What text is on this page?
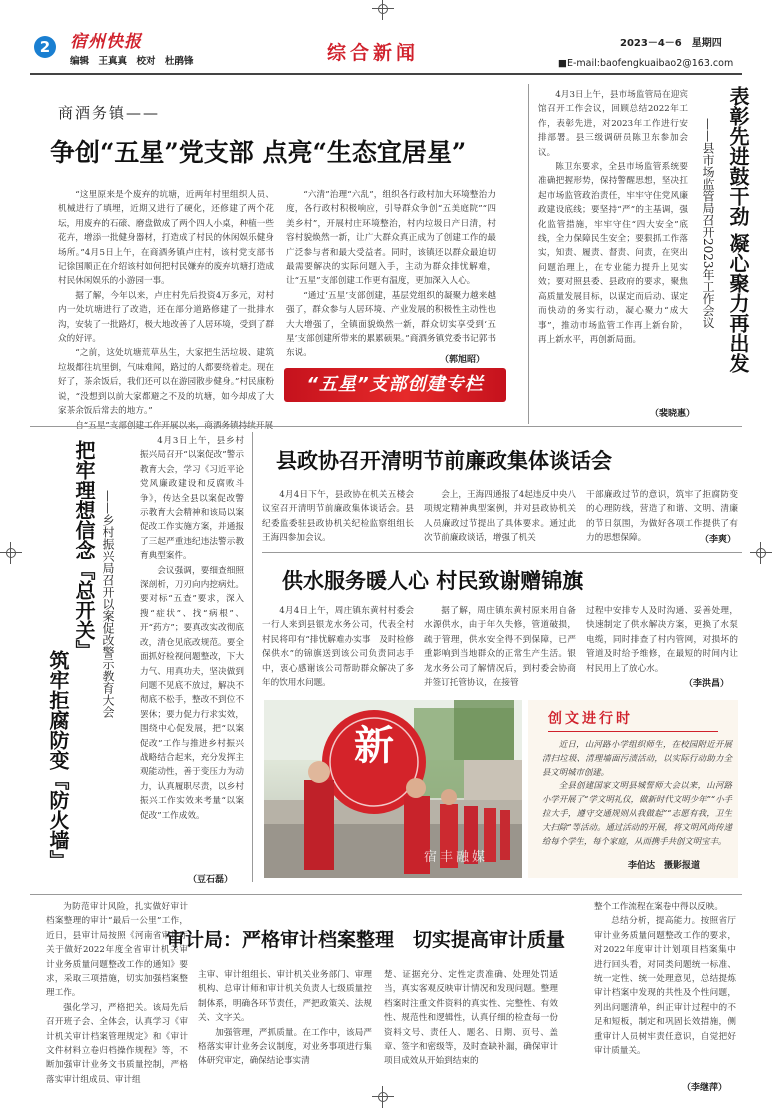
2	宿州快报
编辑　王真真　校对　杜鹃锋	综合新闻	2023－4－6　星期四
■E-mail:baofengkuaibao2@163.com
商酒务镇——
争创“五星”党支部 点亮“生态宜居星”

“这里原来是个废弃的坑塘，近两年村里组织人员、机械进行了填埋，近期又进行了硬化，还修建了两个花坛，用废弃的石磙、磨盘做成了两个四人小桌，种植一些花卉，增添一批健身器材，打造成了村民的休闲娱乐健身场所。”4月5日上午，在商酒务镇卢庄村，该村党支部书记徐国顺正在介绍该村如何把村民嫌弃的废弃坑塘打造成村民休闲娱乐的小游园一事。

据了解，今年以来，卢庄村先后投资4万多元，对村内一处坑塘进行了改造，还在部分道路修建了一批排水沟，安装了一批路灯，极大地改善了人居环境，受到了群众的好评。

“之前，这处坑塘荒草丛生，大家把生活垃圾、建筑垃圾都往坑里倒，气味难闻，路过的人都要绕着走。现在好了，茶余饭后，我们还可以在游园散步健身。”村民康粉说，“没想到以前大家都避之不及的坑塘，如今却成了大家茶余饭后常去的地方。”

自“五星”支部创建工作开展以来，商酒务镇持续开展

“六清”治理“六乱”，组织各行政村加大环境整治力度，各行政村积极响应，引导群众争创“五美庭院”“四美乡村”，开展村庄环境整治，村内垃圾日产日清，村容村貌焕然一新，让广大群众真正成为了创建工作的最广泛参与者和最大受益者。同时，该镇还以群众最迫切最需要解决的实际问题入手，主动为群众排忧解难，让“五星”支部创建工作更有温度，更加深入人心。

“通过‘五星’支部创建，基层党组织的凝聚力越来越强了，群众参与人居环境、产业发展的积极性主动性也大大增强了，全镇面貌焕然一新，群众切实享受到‘五星’支部创建所带来的累累硕果。”商酒务镇党委书记郭书东说。

（郭旭昭）
“五星”支部创建专栏

4月3日上午，县市场监管局在迎宾馆召开工作会议，回顾总结2022年工作，表彰先进，对2023年工作进行安排部署。县三级调研员陈卫东参加会议。

陈卫东要求，全县市场监管系统要准确把握形势，保持警醒思想，坚决扛起市场监管政治责任，牢牢守住党风廉政建设底线；要坚持“严”的主基调，强化监管措施，牢牢守住“四大安全”底线，全力保障民生安全；要狠抓工作落实，知责、履责、督责、问责，在突出问题治理上，在专业能力提升上见实效；要对照县委、县政府的要求，聚焦高质量发展目标，以谋定而后动、谋定而快动的务实行动，凝心聚力“成大事”，推动市场监管工作再上新台阶，再上新水平，再创新局面。

（裴晓惠）
表彰先进鼓干劲 凝心聚力再出发
——县市场监管局召开2023年工作会议
把牢理想信念『总开关』
筑牢拒腐防变『防火墙』
——乡村振兴局召开以案促改警示教育大会

4月3日上午，县乡村振兴局召开“以案促改”警示教育大会，学习《习近平论党风廉政建设和反腐败斗争》，传达全县以案促改警示教育大会精神和该局以案促改工作实施方案，并通报了三起严重违纪违法警示教育典型案件。

会议强调，要细查细照深剖析，刀刃向内挖病灶。要对标“五查”要求，深入搜“症状”、找“病根”、开“药方”；要真改实改彻底改，清仓见底改规范。要全面抓好检视问题整改，下大力气、用真功夫，坚决做到问题不见底不放过，解决不彻底不松手，整改不到位不罢休；要力促力行求实效，围绕中心促发展，把“以案促改”工作与推进乡村振兴战略结合起来，充分发挥主观能动性，善于变压力为动力，认真履职尽责，以乡村振兴工作实效来考量“以案促改”工作成效。

（豆石磊）
县政协召开清明节前廉政集体谈话会

4月4日下午，县政协在机关五楼会议室召开清明节前廉政集体谈话会。县纪委监委驻县政协机关纪检监察组组长王海四参加会议。

会上，王海四通报了4起违反中央八项规定精神典型案例，并对县政协机关人员廉政过节提出了具体要求。通过此次节前廉政谈话，增强了机关

干部廉政过节的意识，筑牢了拒腐防变的心理防线，营造了和谐、文明、清廉的节日氛围，为做好各项工作提供了有力的思想保障。	（李爽）
供水服务暖人心 村民致谢赠锦旗

4月4日上午，周庄镇东黄村村委会一行人来到县银龙水务公司，代表全村村民将印有“排忧解难办实事　及时检修保供水”的锦旗送到该公司负责同志手中，衷心感谢该公司帮助群众解决了多年的饮用水问题。

据了解，周庄镇东黄村原来用自备水源供水，由于年久失修，管道破损，疏于管理，供水安全得不到保障，已严重影响到当地群众的正常生产生活。银龙水务公司了解情况后，到村委会协商并签订托管协议，在接管

过程中安排专人及时沟通、妥善处理，快速制定了供水解决方案，更换了水泵电缆，同时排查了村内管网，对损坏的管道及时给予维修，在最短的时间内让村民用上了放心水。

（李洪昌）
新
宿丰融媒
创文进行时

近日，山河路小学组织师生，在校园附近开展清扫垃圾、清理墙面污渍活动，以实际行动助力全县文明城市创建。

全县创建国家文明县城誓师大会以来，山河路小学开展了“学文明礼仪，做新时代文明少年”“小手拉大手，遵守交通规则从我做起”“志愿有我，卫生大扫除”等活动。通过活动的开展，将文明风尚传递给每个学生，每个家庭，从而携手共创文明宝丰。

李伯达　摄影报道
审计局：严格审计档案整理　切实提高审计质量

为防范审计风险，扎实做好审计档案整理的审计“最后一公里”工作，近日，县审计局按照《河南省审计厅关于做好2022年度全省审计机关审计业务质量问题整改工作的通知》要求，采取三项措施，切实加强档案整理工作。

强化学习，严格把关。该局先后召开班子会、全体会，认真学习《审计机关审计档案管理规定》和《审计文件材料立卷归档操作规程》等，不断加强审计业务文书质量控制，严格落实审计组成员、审计组

主审、审计组组长、审计机关业务部门、审理机构、总审计师和审计机关负责人七级质量控制体系，明确各环节责任，严把政策关、法规关、文字关。

加强管理，严抓质量。在工作中，该局严格落实审计业务会议制度，对业务事项进行集体研究审定，确保结论事实清

楚、证据充分、定性定责准确、处理处罚适当，真实客观反映审计情况和发现问题。整理档案时注重文件资料的真实性、完整性、有效性、规范性和逻辑性，认真仔细的检查每一份资料文号、责任人、题名、日期、页号、盖章、签字和密级等，及时查缺补漏，确保审计项目成效从开始到结束的

整个工作流程在案卷中得以反映。

总结分析，提高能力。按照省厅审计业务质量问题整改工作的要求，对2022年度审计计划项目档案集中进行回头看，对同类问题统一标准、统一定性、统一处理意见，总结提炼审计档案中发现的共性及个性问题，列出问题清单，纠正审计过程中的不足和短板，制定和巩固长效措施，侧重审计人员树牢责任意识，自觉把好审计质量关。

（李继萍）
